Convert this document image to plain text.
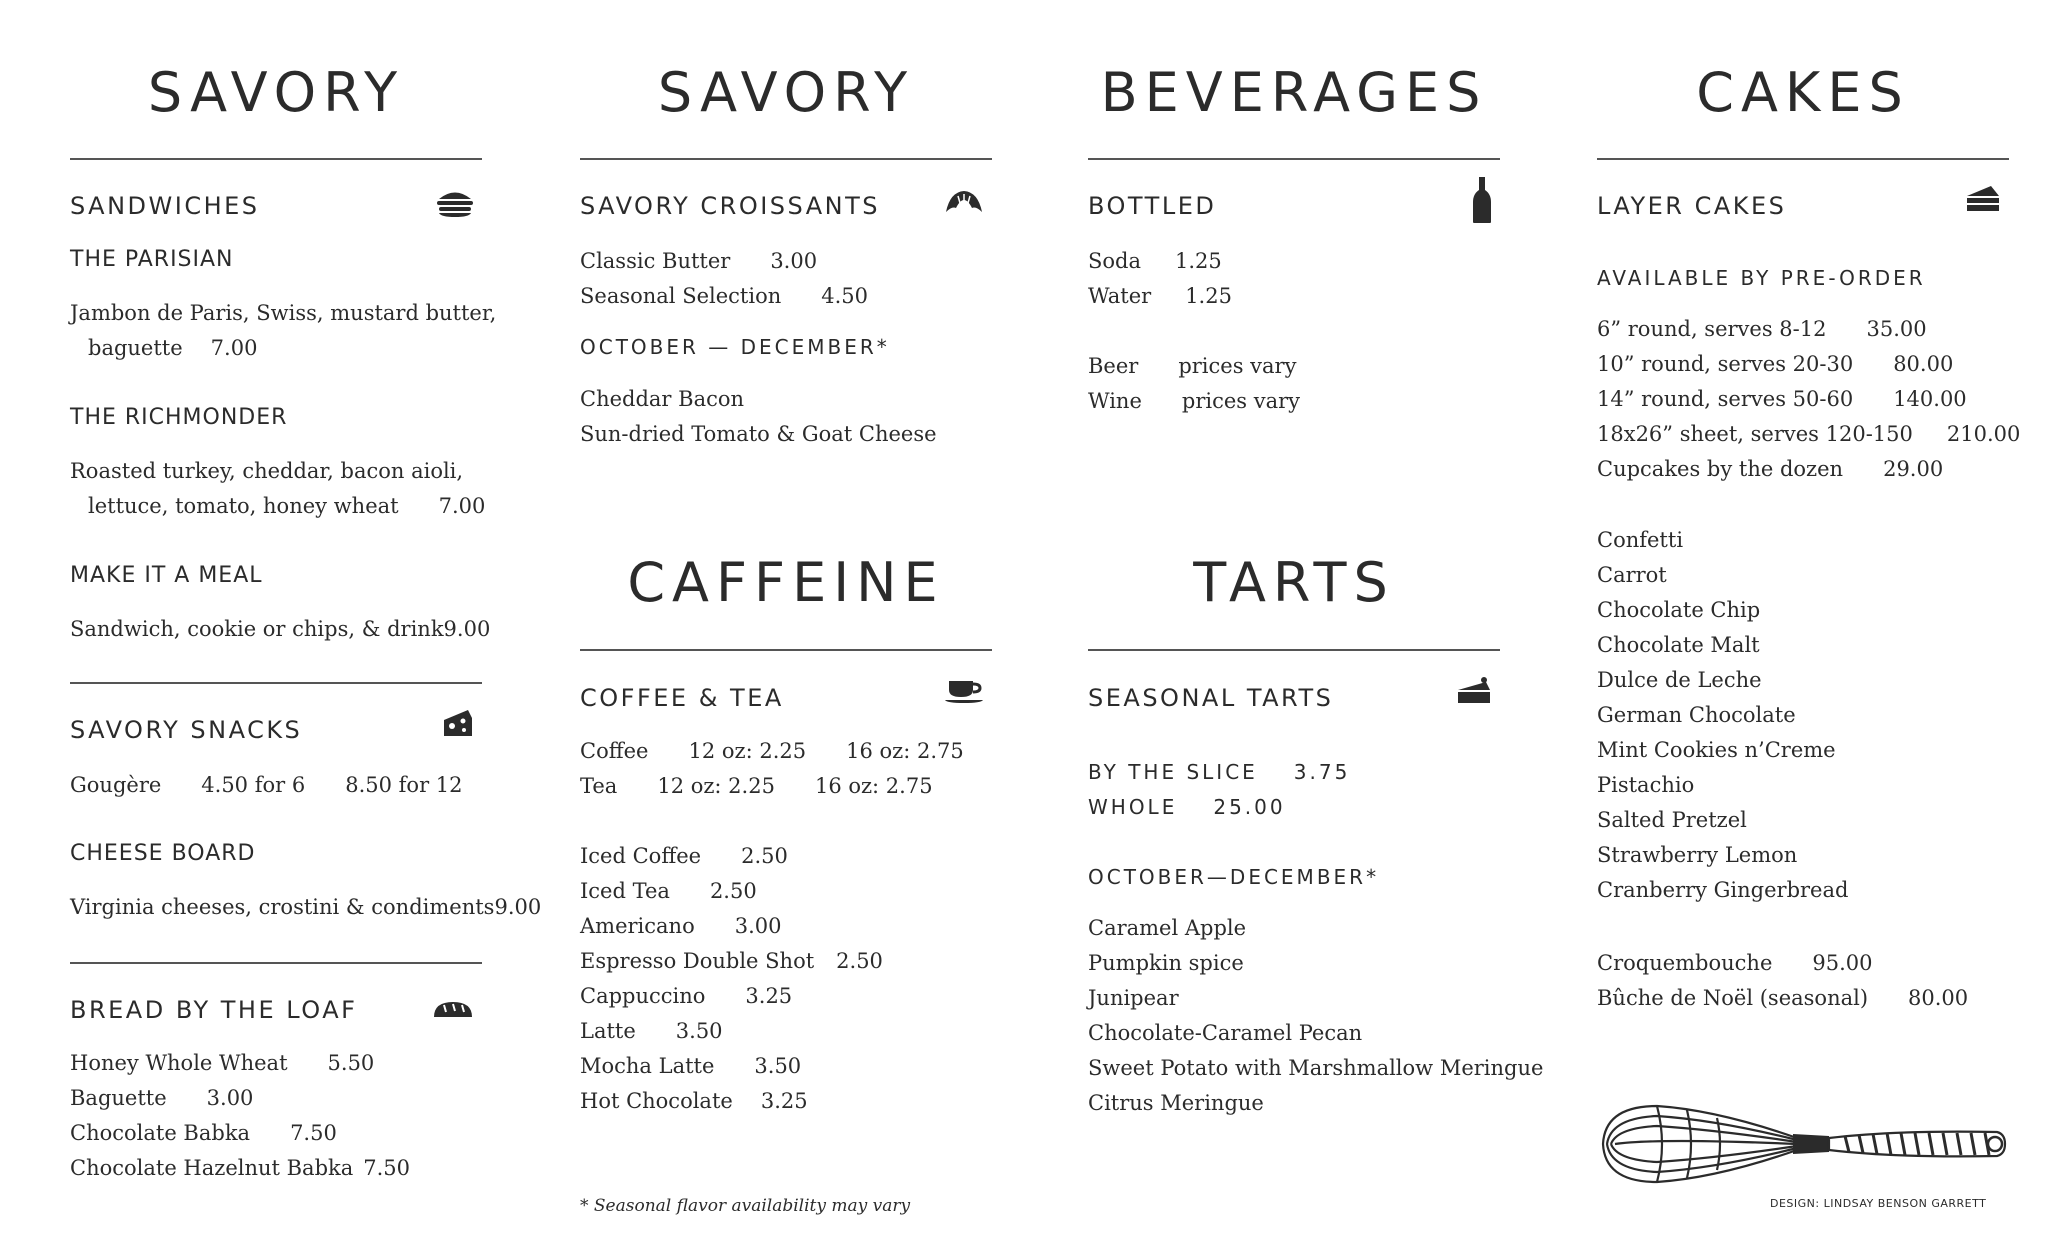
SAVORY
SANDWICHES
THE PARISIAN
Jambon de Paris, Swiss, mustard butter,
baguette 7.00
THE RICHMONDER
Roasted turkey, cheddar, bacon aioli,
lettuce, tomato, honey wheat 7.00
MAKE IT A MEAL
Sandwich, cookie or chips, & drink 9.00
SAVORY SNACKS
Gougère 4.50 for 6 8.50 for 12
CHEESE BOARD
Virginia cheeses, crostini & condiments 9.00
BREAD BY THE LOAF
Honey Whole Wheat 5.50
Baguette 3.00
Chocolate Babka 7.50
Chocolate Hazelnut Babka 7.50
SAVORY
SAVORY CROISSANTS
Classic Butter 3.00
Seasonal Selection 4.50
OCTOBER — DECEMBER*
Cheddar Bacon
Sun-dried Tomato & Goat Cheese
CAFFEINE
COFFEE & TEA
Coffee 12 oz: 2.25 16 oz: 2.75
Tea 12 oz: 2.25 16 oz: 2.75
Iced Coffee 2.50
Iced Tea 2.50
Americano 3.00
Espresso Double Shot 2.50
Cappuccino 3.25
Latte 3.50
Mocha Latte 3.50
Hot Chocolate 3.25
* Seasonal flavor availability may vary
BEVERAGES
BOTTLED
Soda 1.25
Water 1.25
Beer prices vary
Wine prices vary
TARTS
SEASONAL TARTS
BY THE SLICE 3.75
WHOLE 25.00
OCTOBER—DECEMBER*
Caramel Apple
Pumpkin spice
Junipear
Chocolate-Caramel Pecan
Sweet Potato with Marshmallow Meringue
Citrus Meringue
CAKES
LAYER CAKES
AVAILABLE BY PRE-ORDER
6” round, serves 8-12 35.00
10” round, serves 20-30 80.00
14” round, serves 50-60 140.00
18x26” sheet, serves 120-150 210.00
Cupcakes by the dozen 29.00
Confetti
Carrot
Chocolate Chip
Chocolate Malt
Dulce de Leche
German Chocolate
Mint Cookies n’Creme
Pistachio
Salted Pretzel
Strawberry Lemon
Cranberry Gingerbread
Croquembouche 95.00
Bûche de Noël (seasonal) 80.00
DESIGN: LINDSAY BENSON GARRETT
